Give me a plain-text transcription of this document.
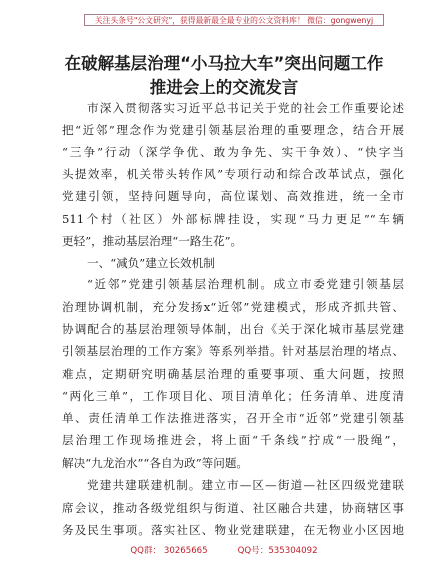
关注头条号"公文研究"，获得最新最全最专业的公文资料库！ 微信：gongwenyj
在破解基层治理“小马拉大车”突出问题工作
推进会上的交流发言
市深入贯彻落实习近平总书记关于党的社会工作重要论述
把“近邻”理念作为党建引领基层治理的重要理念，结合开展
“三争”行动（深学争优、敢为争先、实干争效）、“快字当
头提效率，机关带头转作风”专项行动和综合改革试点，强化
党建引领，坚持问题导向，高位谋划、高效推进，统一全市
511个村（社区）外部标牌挂设，实现“马力更足”“车辆
更轻”，推动基层治理“一路生花”。
一、“减负”建立长效机制
“近邻”党建引领基层治理机制。成立市委党建引领基层
治理协调机制，充分发扬x“近邻”党建模式，形成齐抓共管、
协调配合的基层治理领导体制，出台《关于深化城市基层党建
引领基层治理的工作方案》等系列举措。针对基层治理的堵点、
难点，定期研究明确基层治理的重要事项、重大问题，按照
“两化三单”，工作项目化、项目清单化；任务清单、进度清
单、责任清单工作法推进落实，召开全市“近邻”党建引领基
层治理工作现场推进会，将上面“千条线”拧成“一股绳”，
解决“九龙治水”“各自为政”等问题。
党建共建联建机制。建立市—区—街道—社区四级党建联
席会议，推动各级党组织与街道、社区融合共建，协商辖区事
务及民生事项。落实社区、物业党建联建，在无物业小区因地
QQ群： 30265665	QQ号：535304092
